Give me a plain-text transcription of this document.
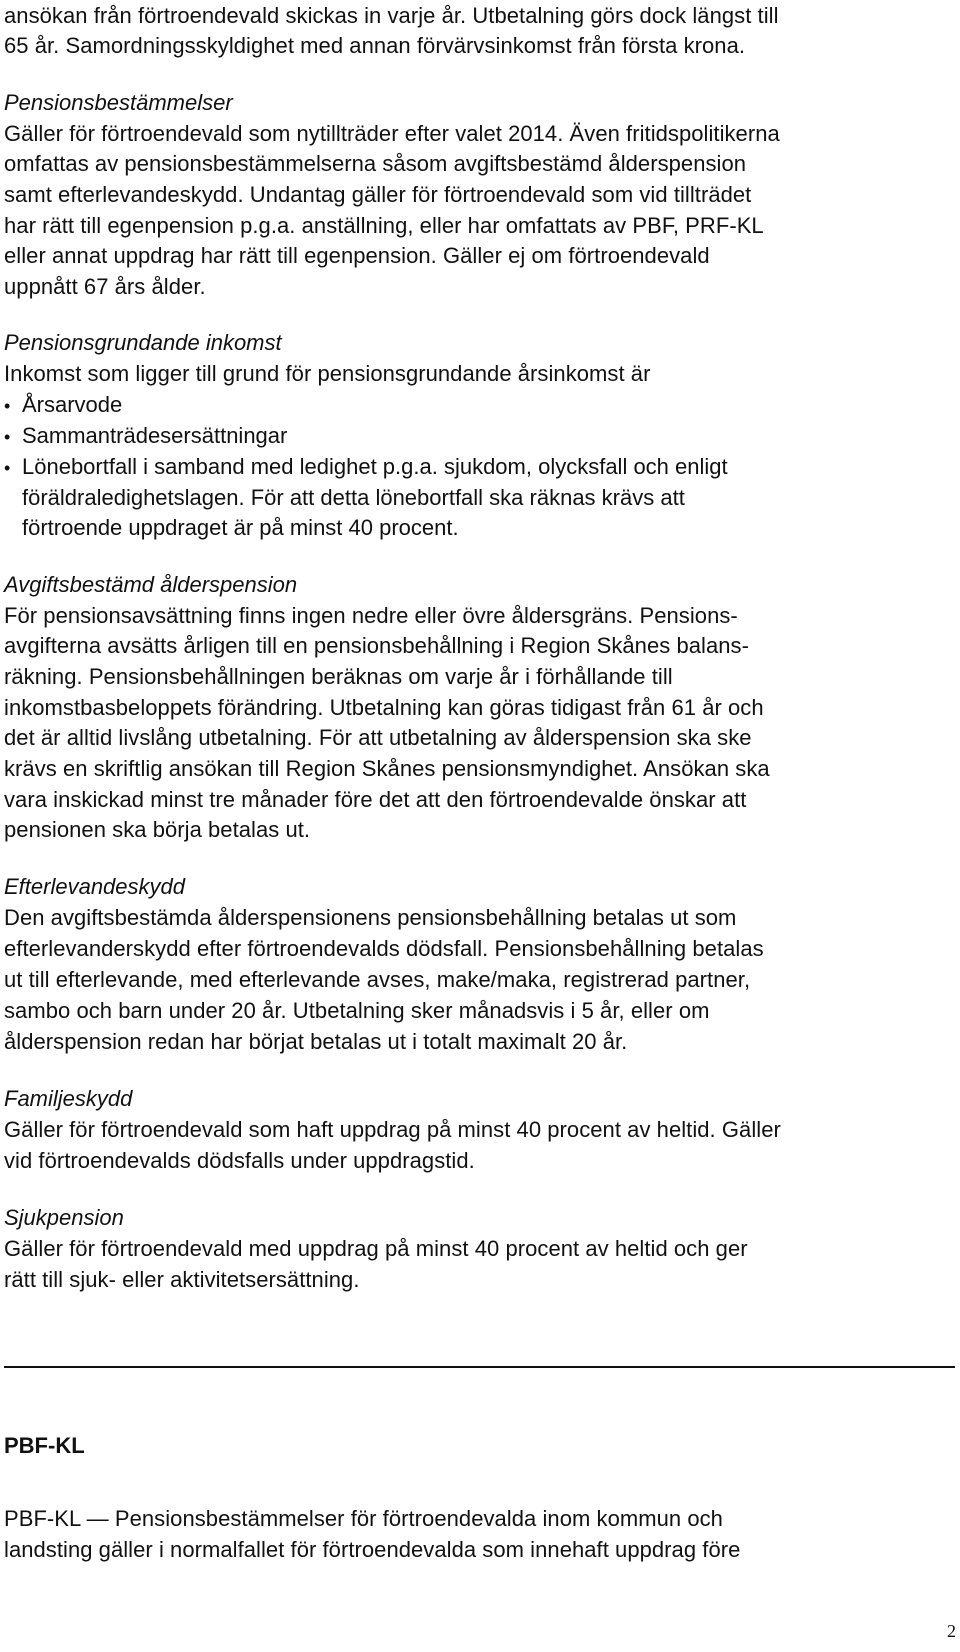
ansökan från förtroendevald skickas in varje år. Utbetalning görs dock längst till
65 år. Samordningsskyldighet med annan förvärvsinkomst från första krona.
Pensionsbestämmelser
Gäller för förtroendevald som nytillträder efter valet 2014. Även fritidspolitikerna
omfattas av pensionsbestämmelserna såsom avgiftsbestämd ålderspension
samt efterlevandeskydd. Undantag gäller för förtroendevald som vid tillträdet
har rätt till egenpension p.g.a. anställning, eller har omfattats av PBF, PRF-KL
eller annat uppdrag har rätt till egenpension. Gäller ej om förtroendevald
uppnått 67 års ålder.
Pensionsgrundande inkomst
Inkomst som ligger till grund för pensionsgrundande årsinkomst är
• Årsarvode
• Sammanträdesersättningar
• Lönebortfall i samband med ledighet p.g.a. sjukdom, olycksfall och enligt
föräldraledighetslagen. För att detta lönebortfall ska räknas krävs att
förtroende uppdraget är på minst 40 procent.
Avgiftsbestämd ålderspension
För pensionsavsättning finns ingen nedre eller övre åldersgräns. Pensions-
avgifterna avsätts årligen till en pensionsbehållning i Region Skånes balans-
räkning. Pensionsbehållningen beräknas om varje år i förhållande till
inkomstbasbeloppets förändring. Utbetalning kan göras tidigast från 61 år och
det är alltid livslång utbetalning. För att utbetalning av ålderspension ska ske
krävs en skriftlig ansökan till Region Skånes pensionsmyndighet. Ansökan ska
vara inskickad minst tre månader före det att den förtroendevalde önskar att
pensionen ska börja betalas ut.
Efterlevandeskydd
Den avgiftsbestämda ålderspensionens pensionsbehållning betalas ut som
efterlevanderskydd efter förtroendevalds dödsfall. Pensionsbehållning betalas
ut till efterlevande, med efterlevande avses, make/maka, registrerad partner,
sambo och barn under 20 år. Utbetalning sker månadsvis i 5 år, eller om
ålderspension redan har börjat betalas ut i totalt maximalt 20 år.
Familjeskydd
Gäller för förtroendevald som haft uppdrag på minst 40 procent av heltid. Gäller
vid förtroendevalds dödsfalls under uppdragstid.
Sjukpension
Gäller för förtroendevald med uppdrag på minst 40 procent av heltid och ger
rätt till sjuk- eller aktivitetsersättning.
PBF-KL
PBF-KL — Pensionsbestämmelser för förtroendevalda inom kommun och
landsting gäller i normalfallet för förtroendevalda som innehaft uppdrag före
2
